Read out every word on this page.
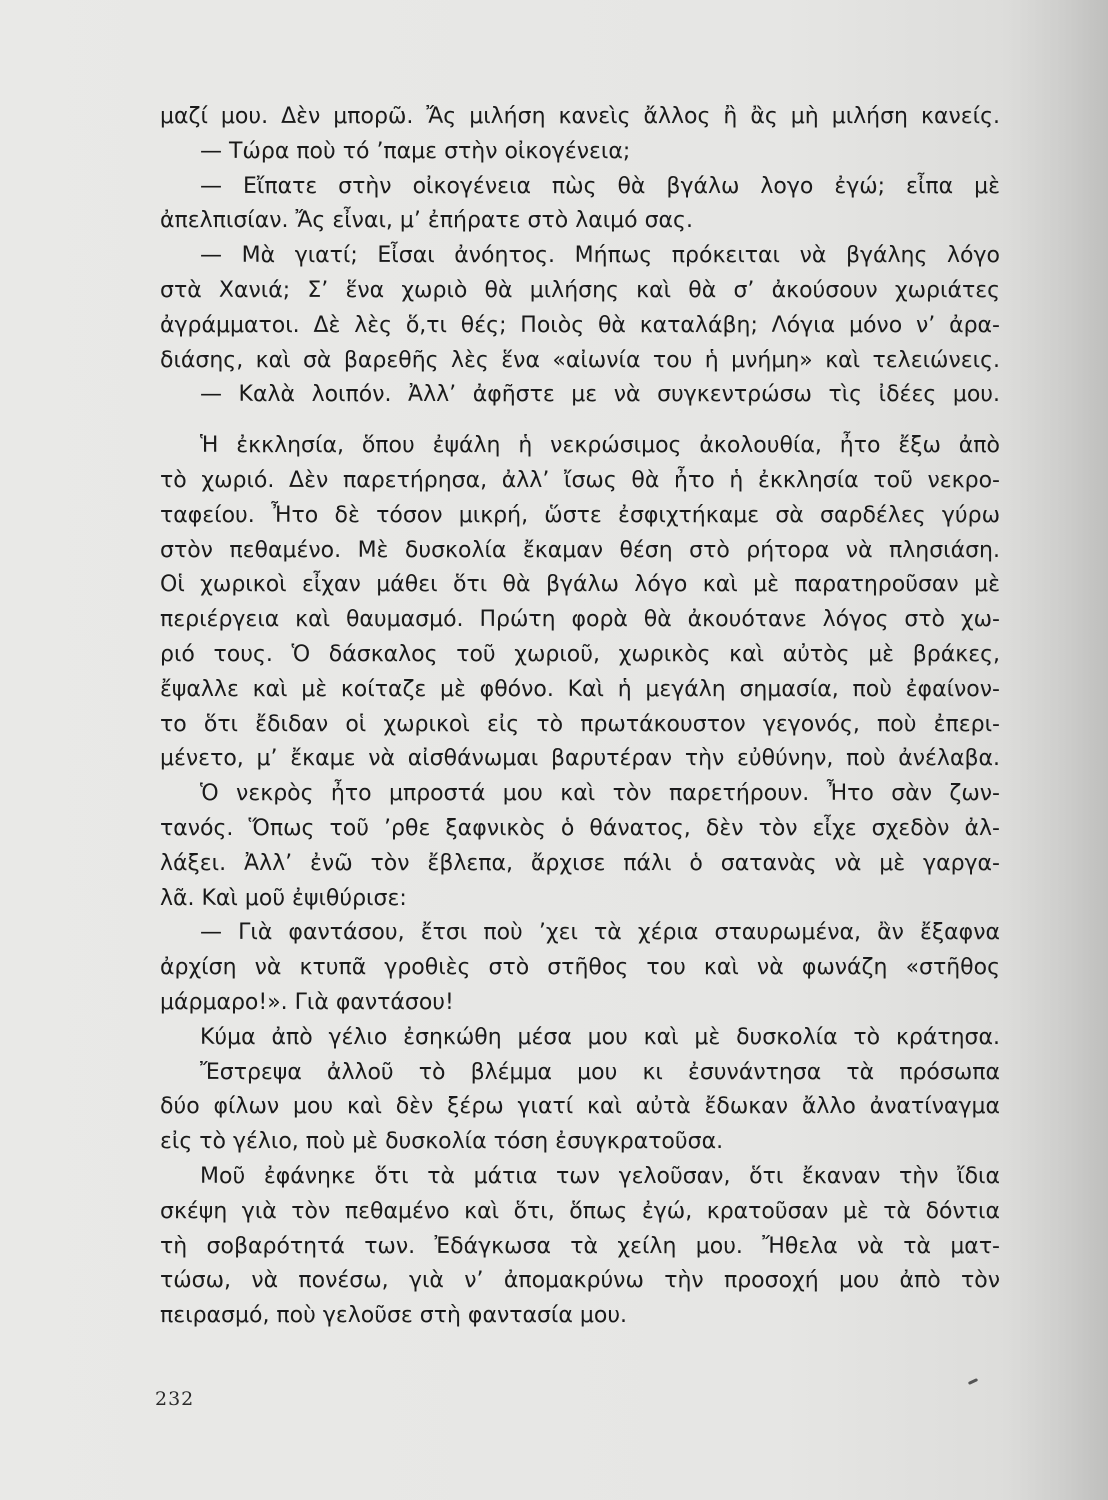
μαζί μου. Δὲν μπορῶ. Ἄς μιλήση κανεὶς ἄλλος ἢ ἂς μὴ μιλήση κανείς.
— Τώρα ποὺ τό ’παμε στὴν οἰκογένεια;
— Εἴπατε στὴν οἰκογένεια πὼς θὰ βγάλω λογο ἐγώ; εἶπα μὲ
ἀπελπισίαν. Ἄς εἶναι, μ’ ἐπήρατε στὸ λαιμό σας.
— Μὰ γιατί; Εἶσαι ἀνόητος. Μήπως πρόκειται νὰ βγάλης λόγο
στὰ Χανιά; Σ’ ἕνα χωριὸ θὰ μιλήσης καὶ θὰ σ’ ἀκούσουν χωριάτες
ἀγράμματοι. Δὲ λὲς ὅ,τι θές; Ποιὸς θὰ καταλάβη; Λόγια μόνο ν’ ἀρα-
διάσης, καὶ σὰ βαρεθῆς λὲς ἕνα «αἰωνία του ἡ μνήμη» καὶ τελειώνεις.
— Καλὰ λοιπόν. Ἀλλ’ ἀφῆστε με νὰ συγκεντρώσω τὶς ἰδέες μου.
Ἡ ἐκκλησία, ὅπου ἐψάλη ἡ νεκρώσιμος ἀκολουθία, ἦτο ἔξω ἀπὸ
τὸ χωριό. Δὲν παρετήρησα, ἀλλ’ ἴσως θὰ ἦτο ἡ ἐκκλησία τοῦ νεκρο-
ταφείου. Ἦτο δὲ τόσον μικρή, ὥστε ἐσφιχτήκαμε σὰ σαρδέλες γύρω
στὸν πεθαμένο. Μὲ δυσκολία ἔκαμαν θέση στὸ ρήτορα νὰ πλησιάση.
Οἱ χωρικοὶ εἶχαν μάθει ὅτι θὰ βγάλω λόγο καὶ μὲ παρατηροῦσαν μὲ
περιέργεια καὶ θαυμασμό. Πρώτη φορὰ θὰ ἀκουότανε λόγος στὸ χω-
ριό τους. Ὁ δάσκαλος τοῦ χωριοῦ, χωρικὸς καὶ αὐτὸς μὲ βράκες,
ἔψαλλε καὶ μὲ κοίταζε μὲ φθόνο. Καὶ ἡ μεγάλη σημασία, ποὺ ἐφαίνον-
το ὅτι ἔδιδαν οἱ χωρικοὶ εἰς τὸ πρωτάκουστον γεγονός, ποὺ ἐπερι-
μένετο, μ’ ἔκαμε νὰ αἰσθάνωμαι βαρυτέραν τὴν εὐθύνην, ποὺ ἀνέλαβα.
Ὁ νεκρὸς ἦτο μπροστά μου καὶ τὸν παρετήρουν. Ἦτο σὰν ζων-
τανός. Ὅπως τοῦ ’ρθε ξαφνικὸς ὁ θάνατος, δὲν τὸν εἶχε σχεδὸν ἀλ-
λάξει. Ἀλλ’ ἐνῶ τὸν ἔβλεπα, ἄρχισε πάλι ὁ σατανὰς νὰ μὲ γαργα-
λᾶ. Καὶ μοῦ ἐψιθύρισε:
— Γιὰ φαντάσου, ἔτσι ποὺ ’χει τὰ χέρια σταυρωμένα, ἂν ἔξαφνα
ἀρχίση νὰ κτυπᾶ γροθιὲς στὸ στῆθος του καὶ νὰ φωνάζη «στῆθος
μάρμαρο!». Γιὰ φαντάσου!
Κύμα ἀπὸ γέλιο ἐσηκώθη μέσα μου καὶ μὲ δυσκολία τὸ κράτησα.
Ἔστρεψα ἀλλοῦ τὸ βλέμμα μου κι ἐσυνάντησα τὰ πρόσωπα
δύο φίλων μου καὶ δὲν ξέρω γιατί καὶ αὐτὰ ἔδωκαν ἄλλο ἀνατίναγμα
εἰς τὸ γέλιο, ποὺ μὲ δυσκολία τόση ἐσυγκρατοῦσα.
Μοῦ ἐφάνηκε ὅτι τὰ μάτια των γελοῦσαν, ὅτι ἔκαναν τὴν ἴδια
σκέψη γιὰ τὸν πεθαμένο καὶ ὅτι, ὅπως ἐγώ, κρατοῦσαν μὲ τὰ δόντια
τὴ σοβαρότητά των. Ἐδάγκωσα τὰ χείλη μου. Ἤθελα νὰ τὰ ματ-
τώσω, νὰ πονέσω, γιὰ ν’ ἀπομακρύνω τὴν προσοχή μου ἀπὸ τὸν
πειρασμό, ποὺ γελοῦσε στὴ φαντασία μου.
232
